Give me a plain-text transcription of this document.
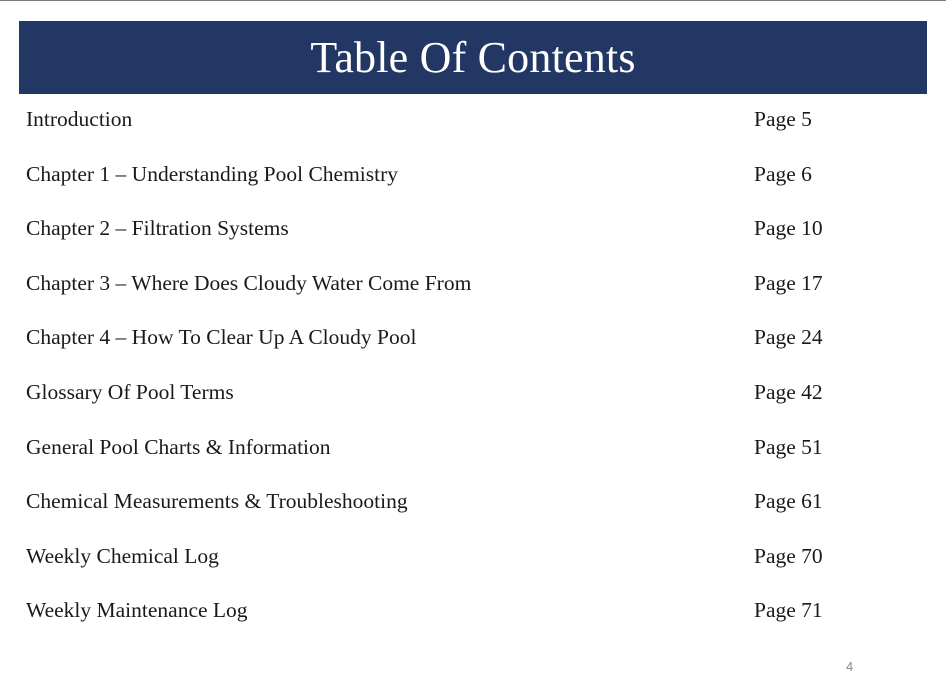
Table Of Contents
Introduction	Page 5
Chapter 1 – Understanding Pool Chemistry	Page 6
Chapter 2 – Filtration Systems	Page 10
Chapter 3 – Where Does Cloudy Water Come From	Page 17
Chapter 4 – How To Clear Up A Cloudy Pool	Page 24
Glossary Of Pool Terms	Page 42
General Pool Charts & Information	Page 51
Chemical Measurements & Troubleshooting	Page 61
Weekly Chemical Log	Page 70
Weekly Maintenance Log	Page 71
4
